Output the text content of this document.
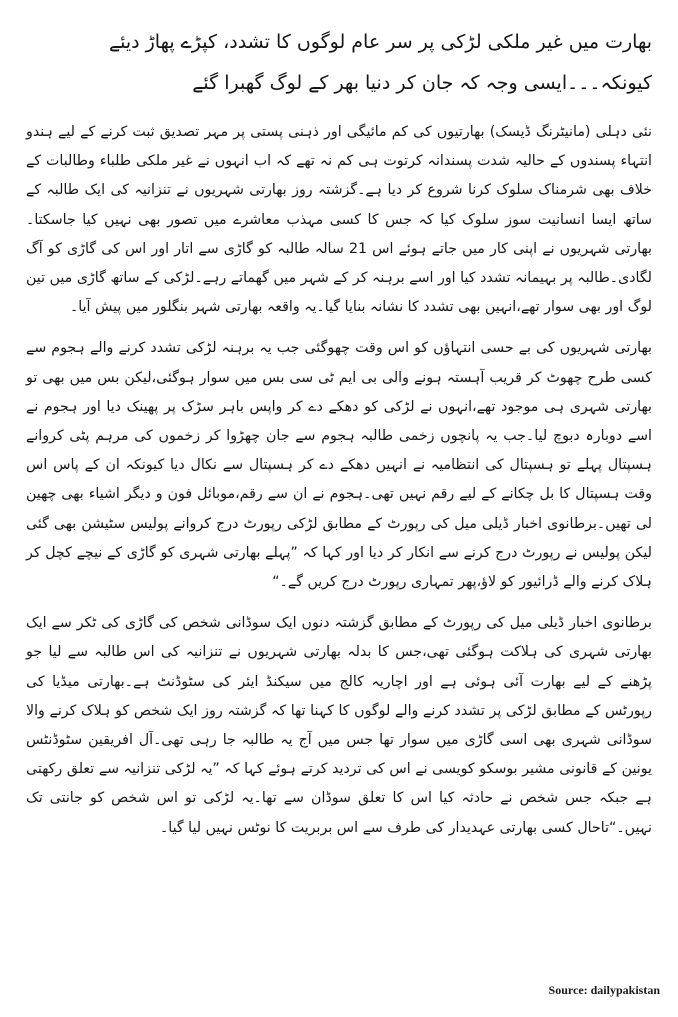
بھارت میں غیر ملکی لڑکی پر سر عام لوگوں کا تشدد، کپڑے پھاڑ دیئے کیونکہ۔۔۔ایسی وجہ کہ جان کر دنیا بھر کے لوگ گھبرا گئے

نئی دہلی (مانیٹرنگ ڈیسک) بھارتیوں کی کم مائیگی اور ذہنی پستی پر مہر تصدیق ثبت کرنے کے لیے ہندو انتہاء پسندوں کے حالیہ شدت پسندانہ کرتوت ہی کم نہ تھے کہ اب انہوں نے غیر ملکی طلباء وطالبات کے خلاف بھی شرمناک سلوک کرنا شروع کر دیا ہے۔گزشتہ روز بھارتی شہریوں نے تنزانیہ کی ایک طالبہ کے ساتھ ایسا انسانیت سوز سلوک کیا کہ جس کا کسی مہذب معاشرے میں تصور بھی نہیں کیا جاسکتا۔بھارتی شہریوں نے اپنی کار میں جاتے ہوئے اس 21 سالہ طالبہ کو گاڑی سے اتار اور اس کی گاڑی کو آگ لگادی۔طالبہ پر بہیمانہ تشدد کیا اور اسے برہنہ کر کے شہر میں گھماتے رہے۔لڑکی کے ساتھ گاڑی میں تین لوگ اور بھی سوار تھے،انہیں بھی تشدد کا نشانہ بنایا گیا۔یہ واقعہ بھارتی شہر بنگلور میں پیش آیا۔

بھارتی شہریوں کی بے حسی انتہاؤں کو اس وقت چھوگئی جب یہ برہنہ لڑکی تشدد کرنے والے ہجوم سے کسی طرح چھوٹ کر قریب آہستہ ہونے والی بی ایم ٹی سی بس میں سوار ہوگئی،لیکن بس میں بھی تو بھارتی شہری ہی موجود تھے،انہوں نے لڑکی کو دھکے دے کر واپس باہر سڑک پر پھینک دیا اور ہجوم نے اسے دوبارہ دبوچ لیا۔جب یہ پانچوں زخمی طالبہ ہجوم سے جان چھڑوا کر زخموں کی مرہم پٹی کروانے ہسپتال پہلے تو ہسپتال کی انتظامیہ نے انہیں دھکے دے کر ہسپتال سے نکال دیا کیونکہ ان کے پاس اس وقت ہسپتال کا بل چکانے کے لیے رقم نہیں تھی۔ہجوم نے ان سے رقم،موبائل فون و دیگر اشیاء بھی چھین لی تھیں۔برطانوی اخبار ڈیلی میل کی رپورٹ کے مطابق لڑکی رپورٹ درج کروانے پولیس سٹیشن بھی گئی لیکن پولیس نے رپورٹ درج کرنے سے انکار کر دیا اور کہا کہ ”پہلے بھارتی شہری کو گاڑی کے نیچے کچل کر ہلاک کرنے والے ڈرائیور کو لاؤ،پھر تمہاری رپورٹ درج کریں گے۔“

برطانوی اخبار ڈیلی میل کی رپورٹ کے مطابق گزشتہ دنوں ایک سوڈانی شخص کی گاڑی کی ٹکر سے ایک بھارتی شہری کی ہلاکت ہوگئی تھی،جس کا بدلہ بھارتی شہریوں نے تنزانیہ کی اس طالبہ سے لیا جو پڑھنے کے لیے بھارت آئی ہوئی ہے اور اچاریہ کالج میں سیکنڈ ایئر کی سٹوڈنٹ ہے۔بھارتی میڈیا کی رپورٹس کے مطابق لڑکی پر تشدد کرنے والے لوگوں کا کہنا تھا کہ گزشتہ روز ایک شخص کو ہلاک کرنے والا سوڈانی شہری بھی اسی گاڑی میں سوار تھا جس میں آج یہ طالبہ جا رہی تھی۔آل افریقین سٹوڈنٹس یونین کے قانونی مشیر بوسکو کویسی نے اس کی تردید کرتے ہوئے کہا کہ ”یہ لڑکی تنزانیہ سے تعلق رکھتی ہے جبکہ جس شخص نے حادثہ کیا اس کا تعلق سوڈان سے تھا۔یہ لڑکی تو اس شخص کو جانتی تک نہیں۔“تاحال کسی بھارتی عہدیدار کی طرف سے اس بربریت کا نوٹس نہیں لیا گیا۔

Source: dailypakistan
